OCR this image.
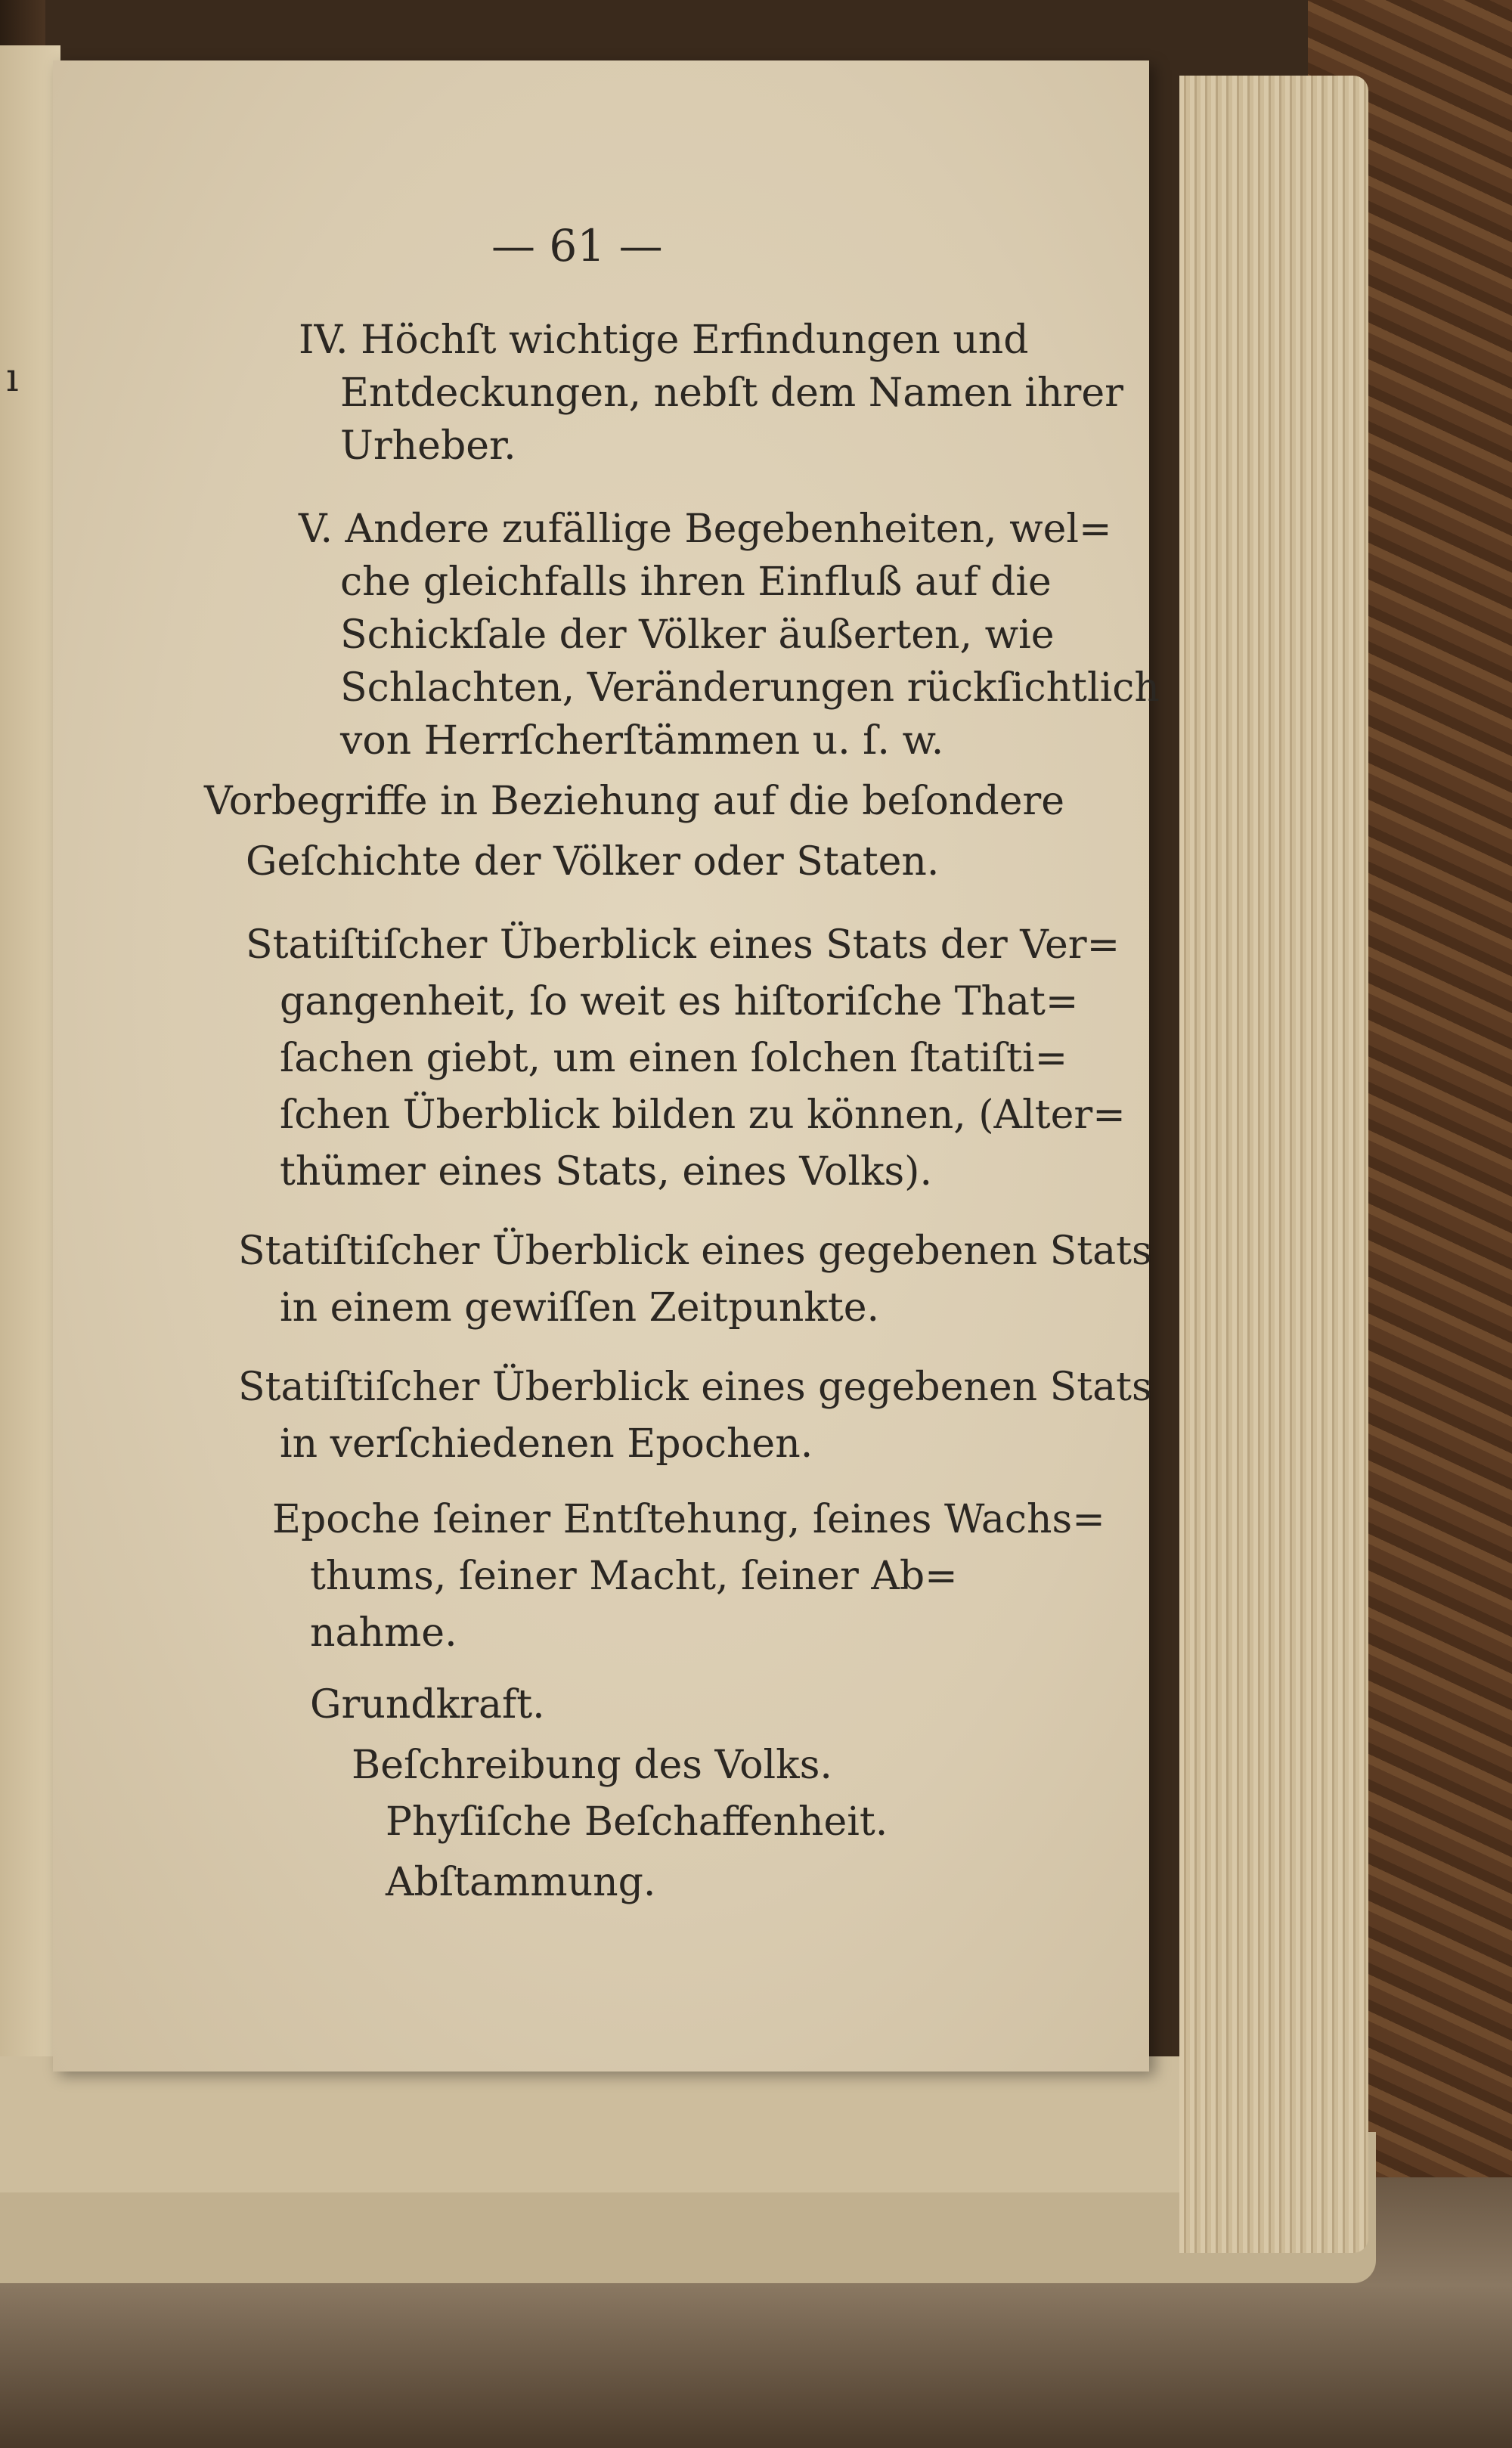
ı
— 61 —
IV. Höchſt wichtige Erfindungen und
Entdeckungen, nebſt dem Namen ihrer
Urheber.
V. Andere zufällige Begebenheiten, wel=
che gleichfalls ihren Einfluß auf die
Schickſale der Völker äußerten, wie
Schlachten, Veränderungen rückſichtlich
von Herrſcherſtämmen u. ſ. w.
Vorbegriffe in Beziehung auf die beſondere
Geſchichte der Völker oder Staten.
Statiſtiſcher Überblick eines Stats der Ver=
gangenheit, ſo weit es hiſtoriſche That=
ſachen giebt, um einen ſolchen ſtatiſti=
ſchen Überblick bilden zu können, (Alter=
thümer eines Stats, eines Volks).
Statiſtiſcher Überblick eines gegebenen Stats
in einem gewiſſen Zeitpunkte.
Statiſtiſcher Überblick eines gegebenen Stats
in verſchiedenen Epochen.
Epoche ſeiner Entſtehung, ſeines Wachs=
thums, ſeiner Macht, ſeiner Ab=
nahme.
Grundkraft.
Beſchreibung des Volks.
Phyſiſche Beſchaffenheit.
Abſtammung.
